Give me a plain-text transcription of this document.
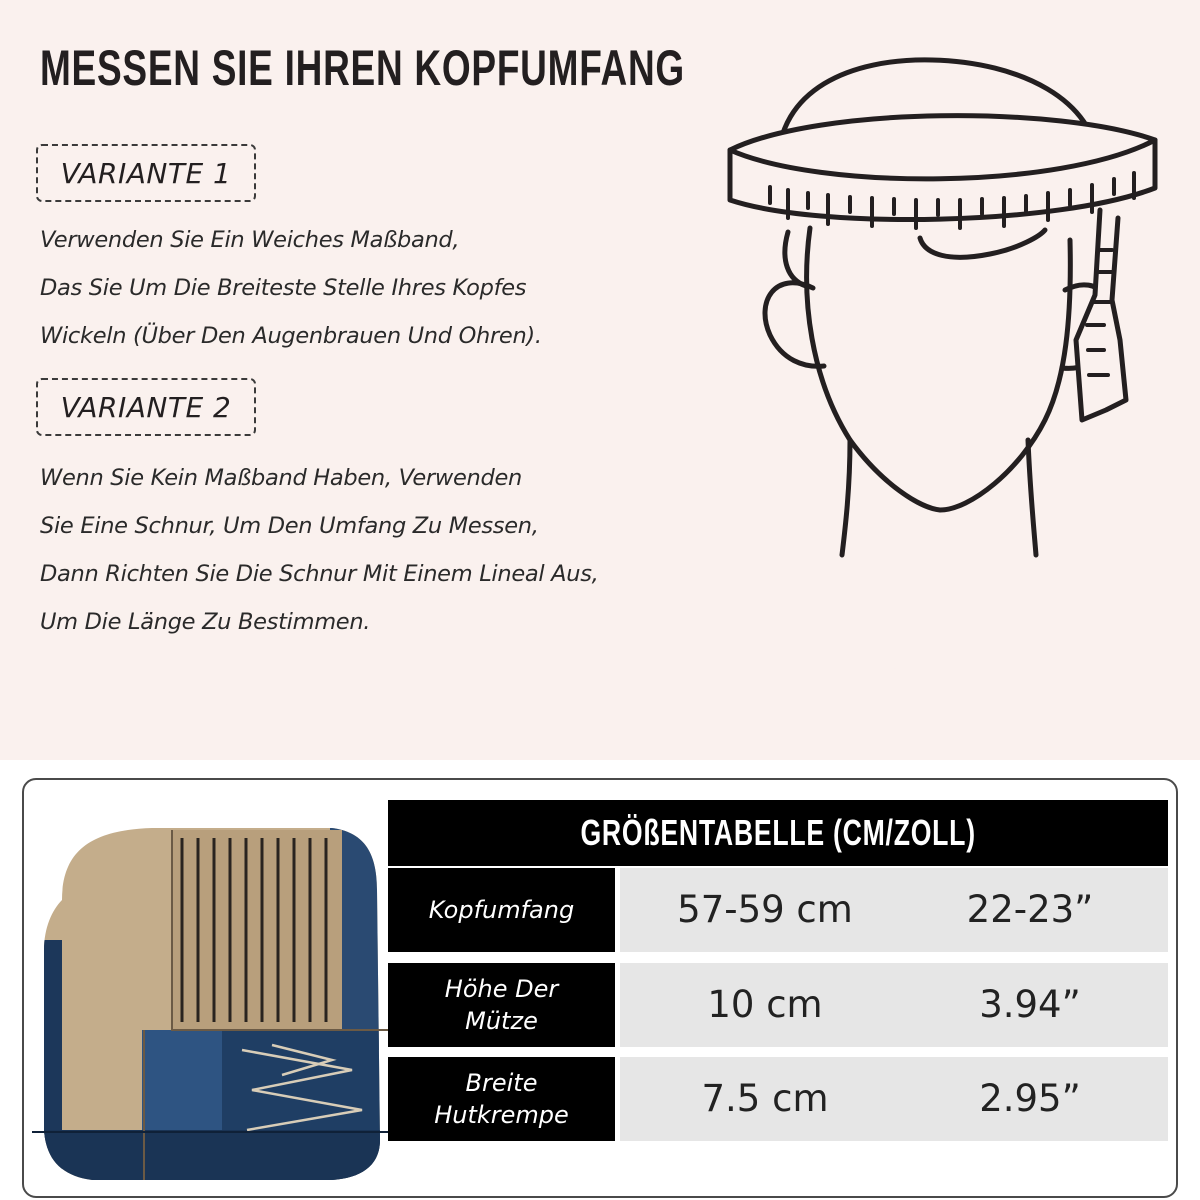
MESSEN SIE IHREN KOPFUMFANG
VARIANTE 1
Verwenden Sie Ein Weiches Maßband,
Das Sie Um Die Breiteste Stelle Ihres Kopfes
Wickeln (Über Den Augenbrauen Und Ohren).
VARIANTE 2
Wenn Sie Kein Maßband Haben, Verwenden
Sie Eine Schnur, Um Den Umfang Zu Messen,
Dann Richten Sie Die Schnur Mit Einem Lineal Aus,
Um Die Länge Zu Bestimmen.
GRÖßENTABELLE (CM/ZOLL)
Kopfumfang	57-59 cm	22-23”
Höhe Der
Mütze	10 cm	3.94”
Breite
Hutkrempe	7.5 cm	2.95”
